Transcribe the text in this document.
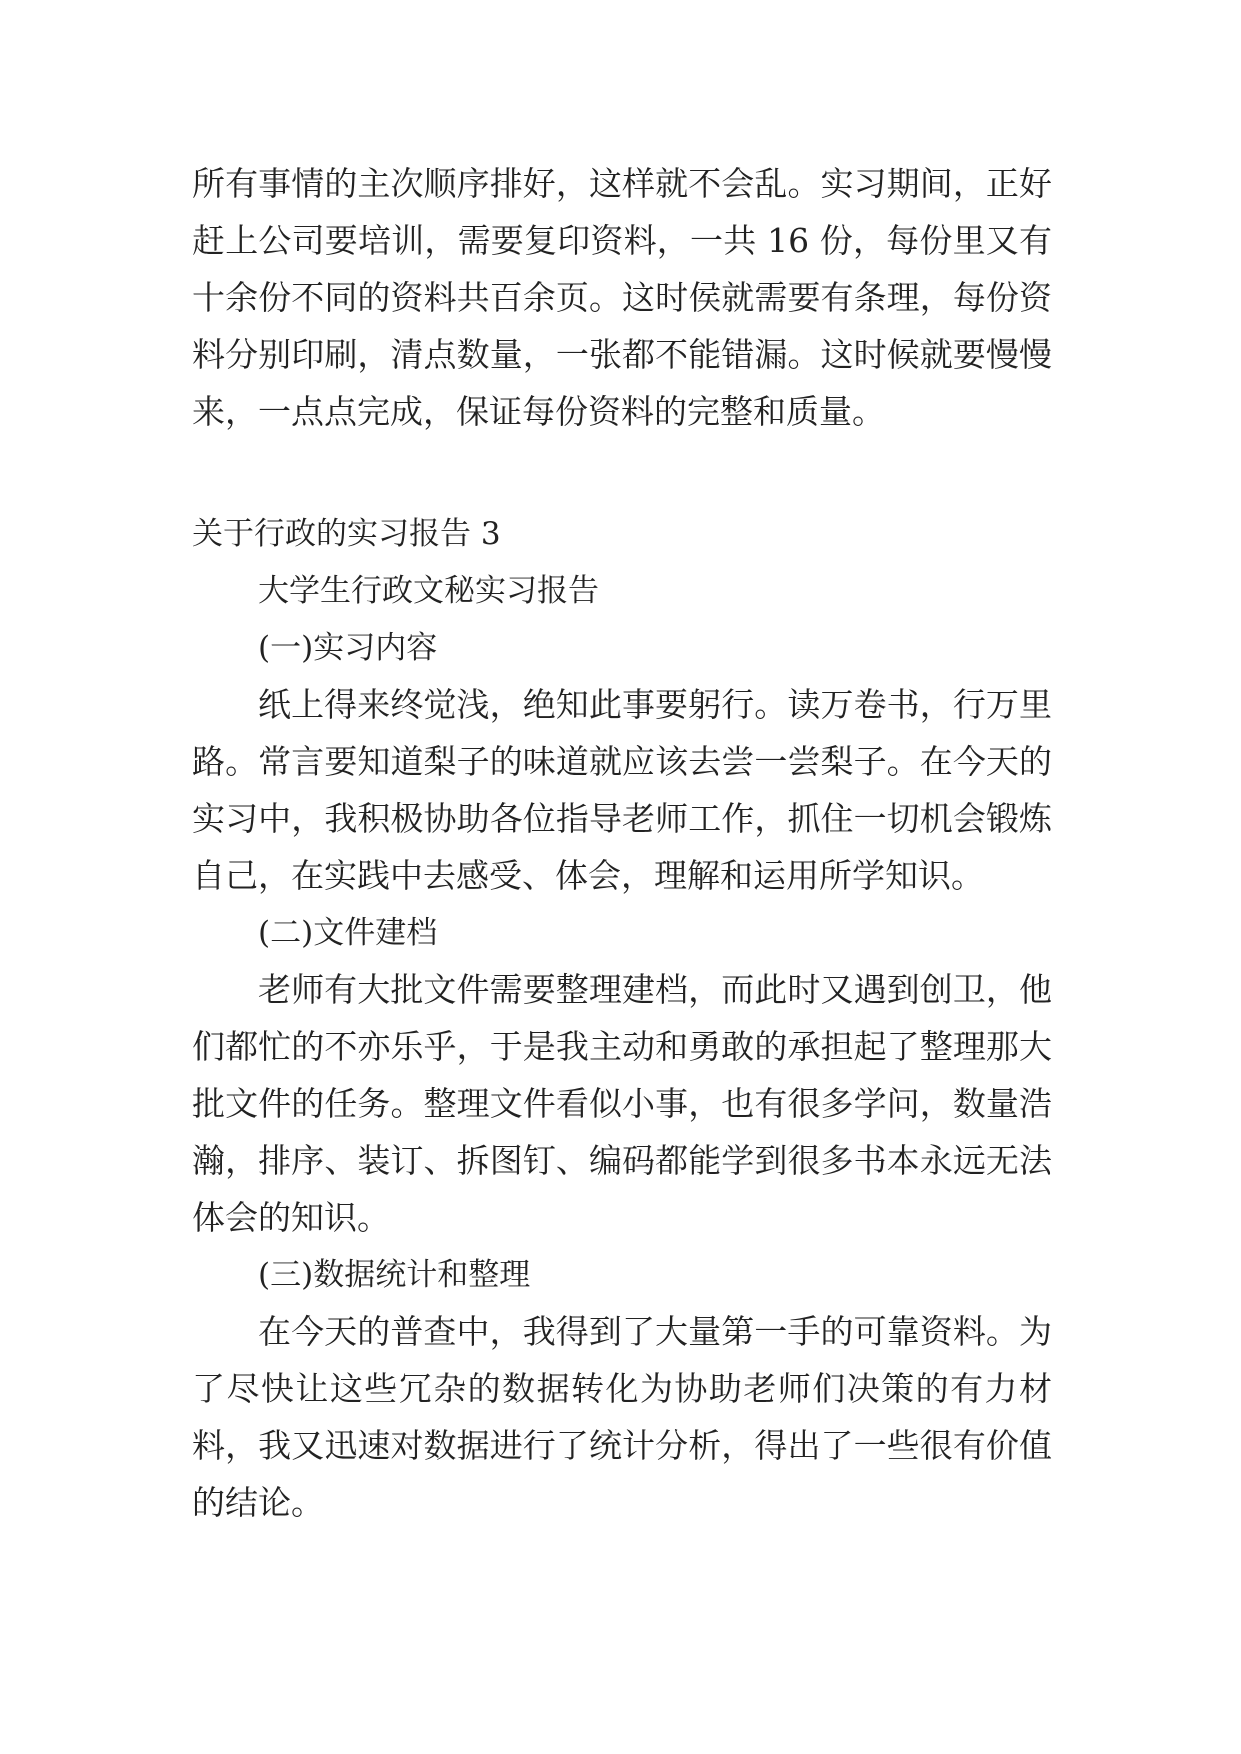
所有事情的主次顺序排好，这样就不会乱。实习期间，正好
赶上公司要培训，需要复印资料，一共 16 份，每份里又有
十余份不同的资料共百余页。这时侯就需要有条理，每份资
料分别印刷，清点数量，一张都不能错漏。这时候就要慢慢
来，一点点完成，保证每份资料的完整和质量。
关于行政的实习报告 3
大学生行政文秘实习报告
(一)实习内容
纸上得来终觉浅，绝知此事要躬行。读万卷书，行万里
路。常言要知道梨子的味道就应该去尝一尝梨子。在今天的
实习中，我积极协助各位指导老师工作，抓住一切机会锻炼
自己，在实践中去感受、体会，理解和运用所学知识。
(二)文件建档
老师有大批文件需要整理建档，而此时又遇到创卫，他
们都忙的不亦乐乎，于是我主动和勇敢的承担起了整理那大
批文件的任务。整理文件看似小事，也有很多学问，数量浩
瀚，排序、装订、拆图钉、编码都能学到很多书本永远无法
体会的知识。
(三)数据统计和整理
在今天的普查中，我得到了大量第一手的可靠资料。为
了尽快让这些冗杂的数据转化为协助老师们决策的有力材
料，我又迅速对数据进行了统计分析，得出了一些很有价值
的结论。
